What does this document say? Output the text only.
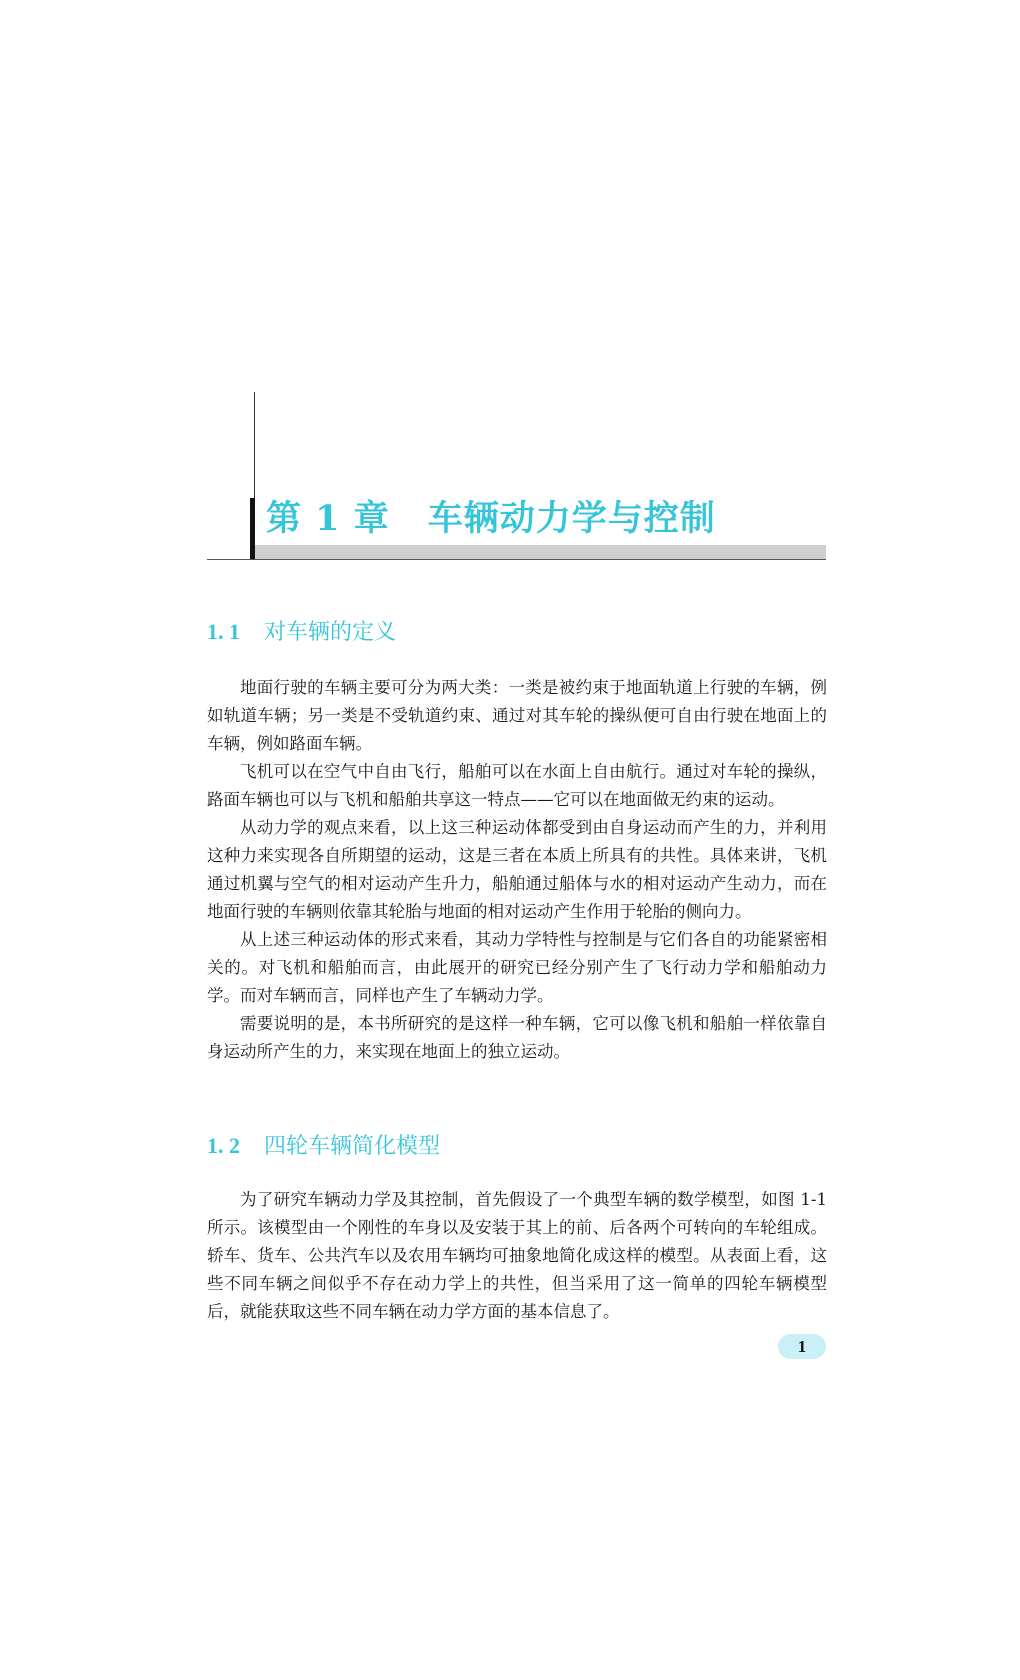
第 1 章 车辆动力学与控制
1. 1 对车辆的定义

地面行驶的车辆主要可分为两大类：一类是被约束于地面轨道上行驶的车辆，例如轨道车辆；另一类是不受轨道约束、通过对其车轮的操纵便可自由行驶在地面上的车辆，例如路面车辆。

飞机可以在空气中自由飞行，船舶可以在水面上自由航行。通过对车轮的操纵，路面车辆也可以与飞机和船舶共享这一特点——它可以在地面做无约束的运动。

从动力学的观点来看，以上这三种运动体都受到由自身运动而产生的力，并利用这种力来实现各自所期望的运动，这是三者在本质上所具有的共性。具体来讲，飞机通过机翼与空气的相对运动产生升力，船舶通过船体与水的相对运动产生动力，而在地面行驶的车辆则依靠其轮胎与地面的相对运动产生作用于轮胎的侧向力。

从上述三种运动体的形式来看，其动力学特性与控制是与它们各自的功能紧密相关的。对飞机和船舶而言，由此展开的研究已经分别产生了飞行动力学和船舶动力学。而对车辆而言，同样也产生了车辆动力学。

需要说明的是，本书所研究的是这样一种车辆，它可以像飞机和船舶一样依靠自身运动所产生的力，来实现在地面上的独立运动。

1. 2 四轮车辆简化模型

为了研究车辆动力学及其控制，首先假设了一个典型车辆的数学模型，如图 1-1 所示。该模型由一个刚性的车身以及安装于其上的前、后各两个可转向的车轮组成。轿车、货车、公共汽车以及农用车辆均可抽象地简化成这样的模型。从表面上看，这些不同车辆之间似乎不存在动力学上的共性，但当采用了这一简单的四轮车辆模型后，就能获取这些不同车辆在动力学方面的基本信息了。

1
